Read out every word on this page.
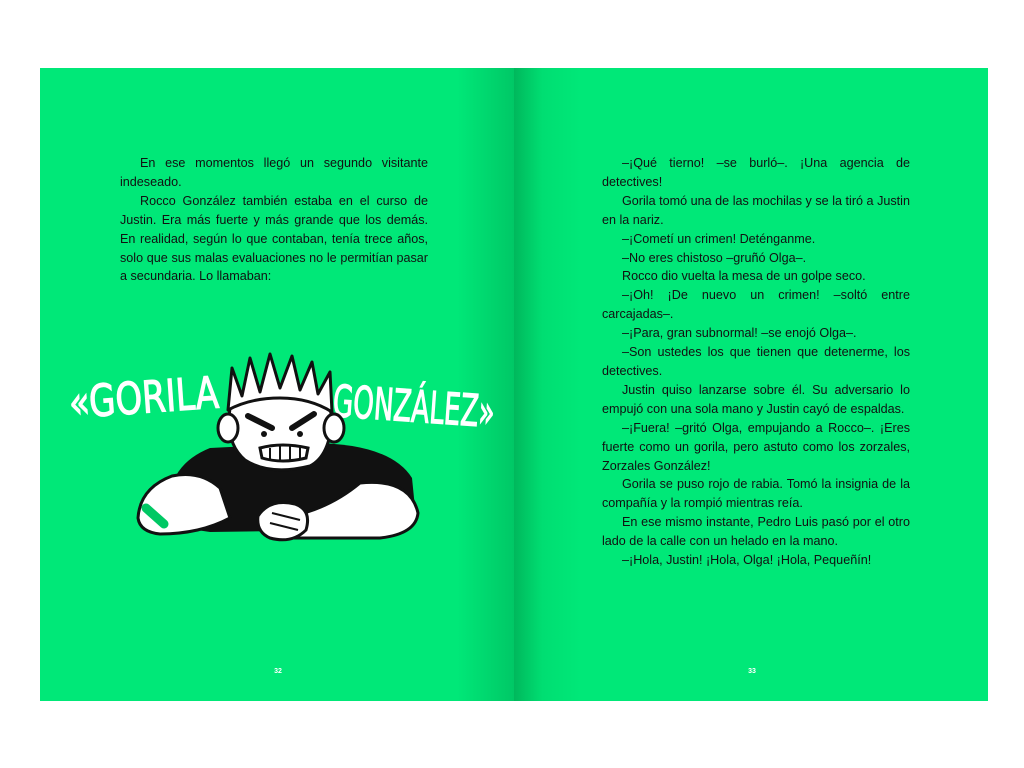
En ese momentos llegó un segundo visitante indeseado.

Rocco González también estaba en el curso de Justin. Era más fuerte y más grande que los demás. En realidad, según lo que contaban, tenía trece años, solo que sus malas evaluaciones no le permitían pasar a secundaria. Lo llamaban:

«GORILA GONZÁLEZ»
32

–¡Qué tierno! –se burló–. ¡Una agencia de detectives!

Gorila tomó una de las mochilas y se la tiró a Justin en la nariz.

–¡Cometí un crimen! Deténganme.

–No eres chistoso –gruñó Olga–.

Rocco dio vuelta la mesa de un golpe seco.

–¡Oh! ¡De nuevo un crimen! –soltó entre carcajadas–.

–¡Para, gran subnormal! –se enojó Olga–.

–Son ustedes los que tienen que detenerme, los detectives.

Justin quiso lanzarse sobre él. Su adversario lo empujó con una sola mano y Justin cayó de espaldas.

–¡Fuera! –gritó Olga, empujando a Rocco–. ¡Eres fuerte como un gorila, pero astuto como los zorzales, Zorzales González!

Gorila se puso rojo de rabia. Tomó la insignia de la compañía y la rompió mientras reía.

En ese mismo instante, Pedro Luis pasó por el otro lado de la calle con un helado en la mano.

–¡Hola, Justin! ¡Hola, Olga! ¡Hola, Pequeñín!

33
